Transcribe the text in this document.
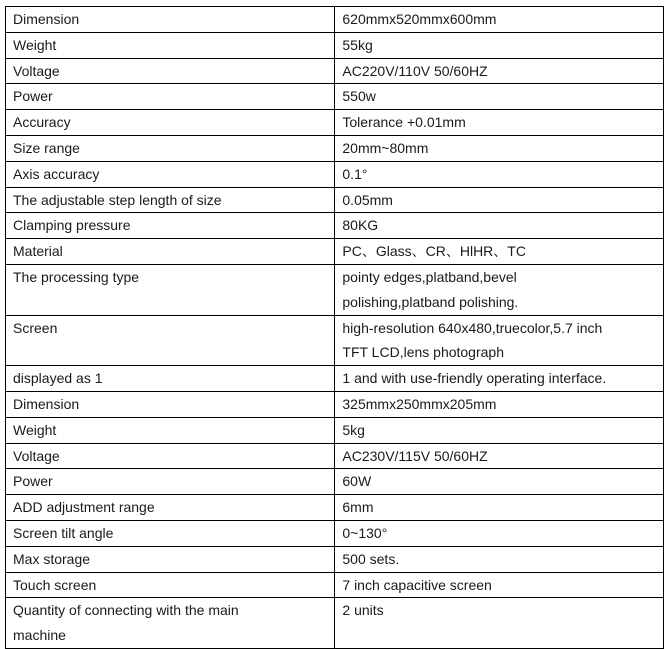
Dimension	620mmx520mmx600mm

Weight	55kg

Voltage	AC220V/110V 50/60HZ

Power	550w

Accuracy	Tolerance +0.01mm

Size range	20mm~80mm

Axis accuracy	0.1°

The adjustable step length of size	0.05mm

Clamping pressure	80KG

Material	PC、Glass、CR、HlHR、TC

The processing type	pointy edges,platband,bevel
polishing,platband polishing.

Screen	high-resolution 640x480,truecolor,5.7 inch
TFT LCD,lens photograph

displayed as 1	1 and with use-friendly operating interface.

Dimension	325mmx250mmx205mm

Weight	5kg

Voltage	AC230V/115V 50/60HZ

Power	60W

ADD adjustment range	6mm

Screen tilt angle	0~130°

Max storage	500 sets.

Touch screen	7 inch capacitive screen

Quantity of connecting with the main
machine	2 units
